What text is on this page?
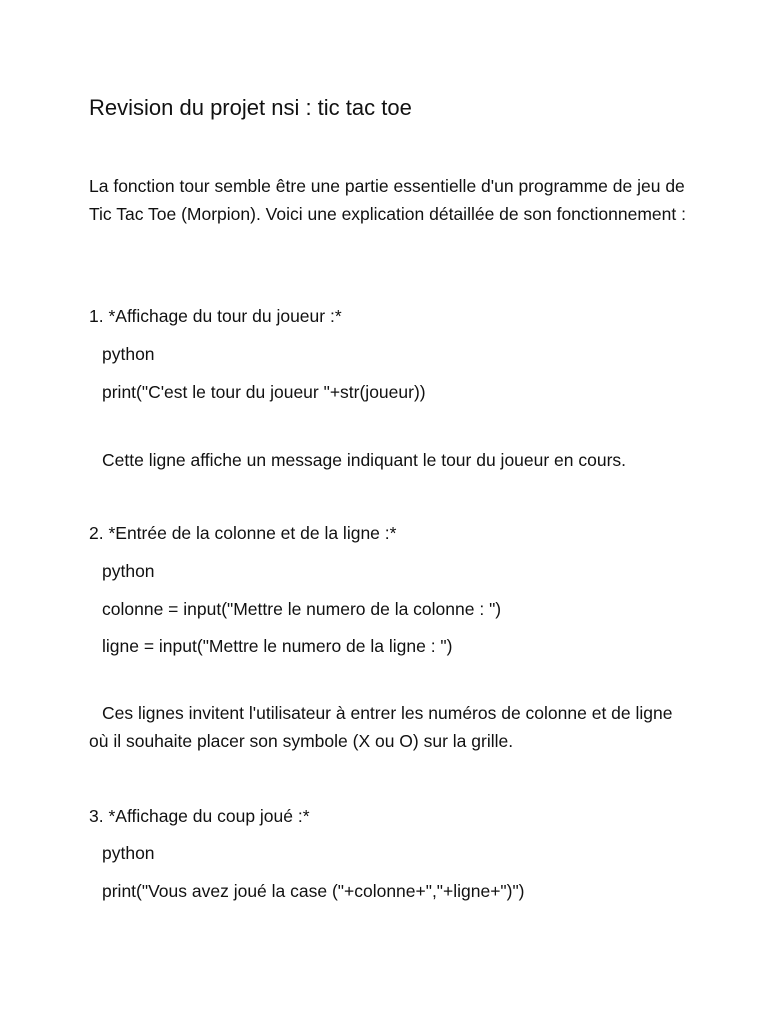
Revision du projet nsi : tic tac toe
La fonction tour semble être une partie essentielle d'un programme de jeu de Tic Tac Toe (Morpion). Voici une explication détaillée de son fonctionnement :
1. *Affichage du tour du joueur :*
python
print("C'est le tour du joueur "+str(joueur))
Cette ligne affiche un message indiquant le tour du joueur en cours.
2. *Entrée de la colonne et de la ligne :*
python
colonne = input("Mettre le numero de la colonne : ")
ligne = input("Mettre le numero de la ligne : ")
Ces lignes invitent l'utilisateur à entrer les numéros de colonne et de ligne où il souhaite placer son symbole (X ou O) sur la grille.
3. *Affichage du coup joué :*
python
print("Vous avez joué la case ("+colonne+","+ligne+")")
